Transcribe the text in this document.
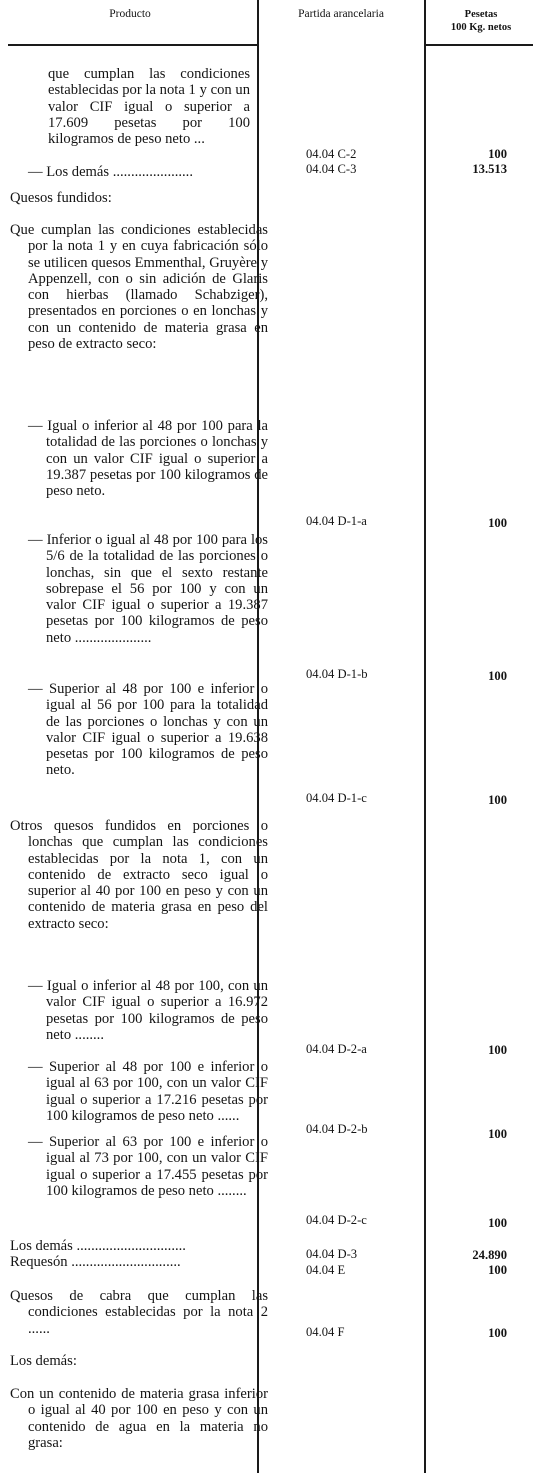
Producto	Partida arancelaria	Pesetas
100 Kg. netos
que cumplan las condiciones establecidas por la nota 1 y con un valor CIF igual o superior a 17.609 pesetas por 100 kilogramos de peso neto ...
— Los demás ......................
Quesos fundidos:
Que cumplan las condiciones establecidas por la nota 1 y en cuya fabricación sólo se utilicen quesos Emmenthal, Gruyère y Appenzell, con o sin adición de Glaris con hierbas (llamado Schabziger), presentados en porciones o en lonchas y con un contenido de materia grasa en peso de extracto seco:
— Igual o inferior al 48 por 100 para la totalidad de las porciones o lonchas y con un valor CIF igual o superior a 19.387 pesetas por 100 kilogramos de peso neto.
— Inferior o igual al 48 por 100 para los 5/6 de la totalidad de las porciones o lonchas, sin que el sexto restante sobrepase el 56 por 100 y con un valor CIF igual o superior a 19.387 pesetas por 100 kilogramos de peso neto .....................
— Superior al 48 por 100 e inferior o igual al 56 por 100 para la totalidad de las porciones o lonchas y con un valor CIF igual o superior a 19.638 pesetas por 100 kilogramos de peso neto.
Otros quesos fundidos en porciones o lonchas que cumplan las condiciones establecidas por la nota 1, con un contenido de extracto seco igual o superior al 40 por 100 en peso y con un contenido de materia grasa en peso del extracto seco:
— Igual o inferior al 48 por 100, con un valor CIF igual o superior a 16.972 pesetas por 100 kilogramos de peso neto ........
— Superior al 48 por 100 e inferior o igual al 63 por 100, con un valor CIF igual o superior a 17.216 pesetas por 100 kilogramos de peso neto ......
— Superior al 63 por 100 e inferior o igual al 73 por 100, con un valor CIF igual o superior a 17.455 pesetas por 100 kilogramos de peso neto ........
Los demás ..............................
Requesón ..............................
Quesos de cabra que cumplan las condiciones establecidas por la nota 2 ......
Los demás:
Con un contenido de materia grasa inferior o igual al 40 por 100 en peso y con un contenido de agua en la materia no grasa:
04.04 C-2
04.04 C-3
04.04 D-1-a
04.04 D-1-b
04.04 D-1-c
04.04 D-2-a
04.04 D-2-b
04.04 D-2-c
04.04 D-3
04.04 E
04.04 F
100
13.513
100
100
100
100
100
100
24.890
100
100
